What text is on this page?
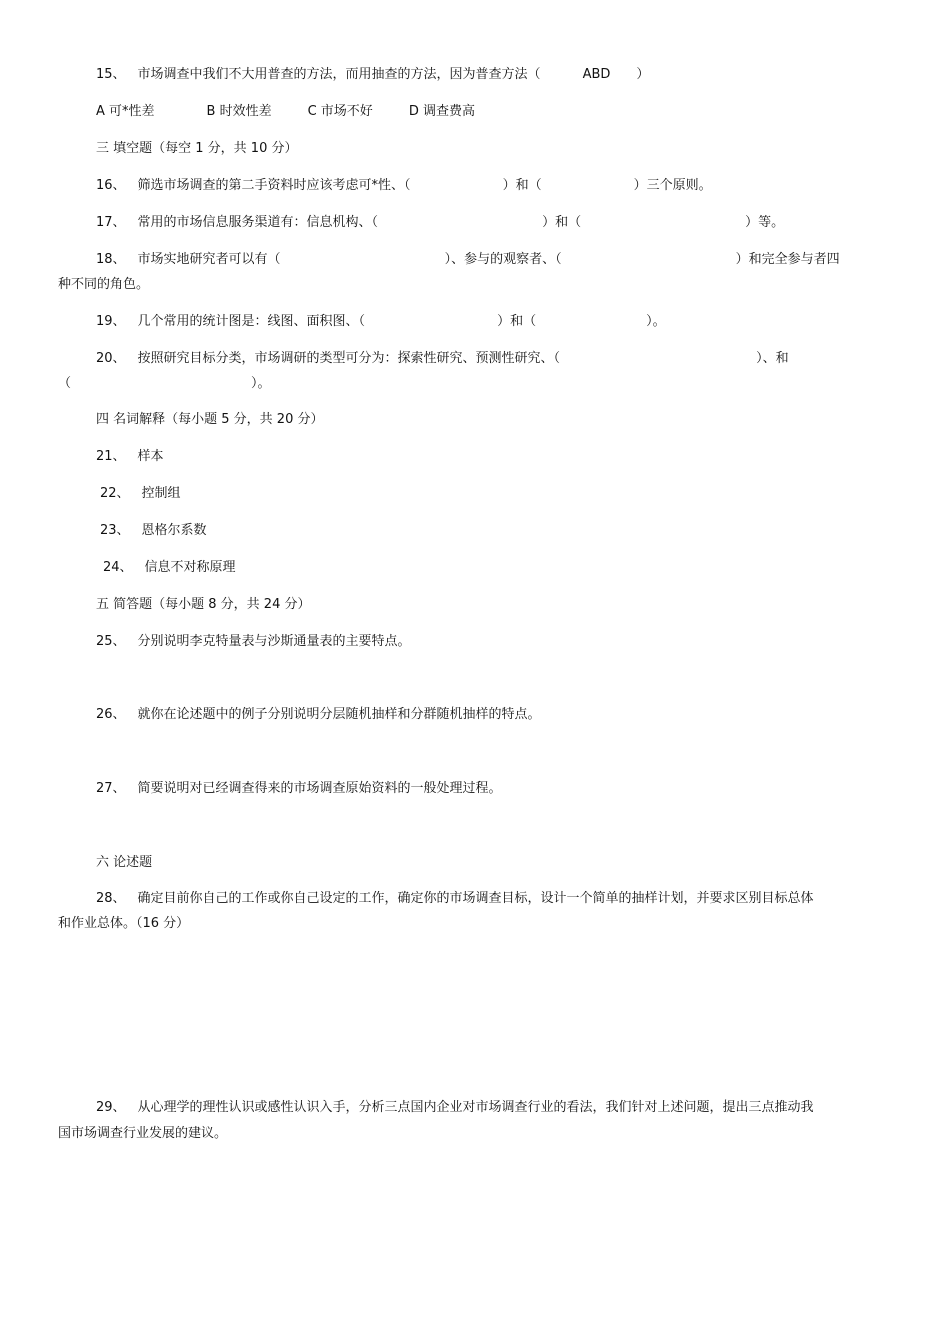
15、 市场调查中我们不大用普查的方法，而用抽查的方法，因为普查方法（	ABD ）
A 可*性差	B 时效性差	C 市场不好	D 调查费高
三 填空题（每空 1 分，共 10 分）
16、 筛选市场调查的第二手资料时应该考虑可*性、（	）和（	）三个原则。
17、 常用的市场信息服务渠道有：信息机构、（	）和（	）等。
18、 市场实地研究者可以有（	）、参与的观察者、（	）和完全参与者四
种不同的角色。
19、 几个常用的统计图是：线图、面积图、（	）和（	）。
20、 按照研究目标分类，市场调研的类型可分为：探索性研究、预测性研究、（	）、和
（	）。
四 名词解释（每小题 5 分，共 20 分）
21、 样本
22、 控制组
23、 恩格尔系数
24、 信息不对称原理
五 简答题（每小题 8 分，共 24 分）
25、 分别说明李克特量表与沙斯通量表的主要特点。
26、 就你在论述题中的例子分别说明分层随机抽样和分群随机抽样的特点。
27、 简要说明对已经调查得来的市场调查原始资料的一般处理过程。
六 论述题
28、 确定目前你自己的工作或你自己设定的工作，确定你的市场调查目标，设计一个简单的抽样计划，并要求区别目标总体
和作业总体。（16 分）
29、 从心理学的理性认识或感性认识入手，分析三点国内企业对市场调查行业的看法，我们针对上述问题，提出三点推动我
国市场调查行业发展的建议。
